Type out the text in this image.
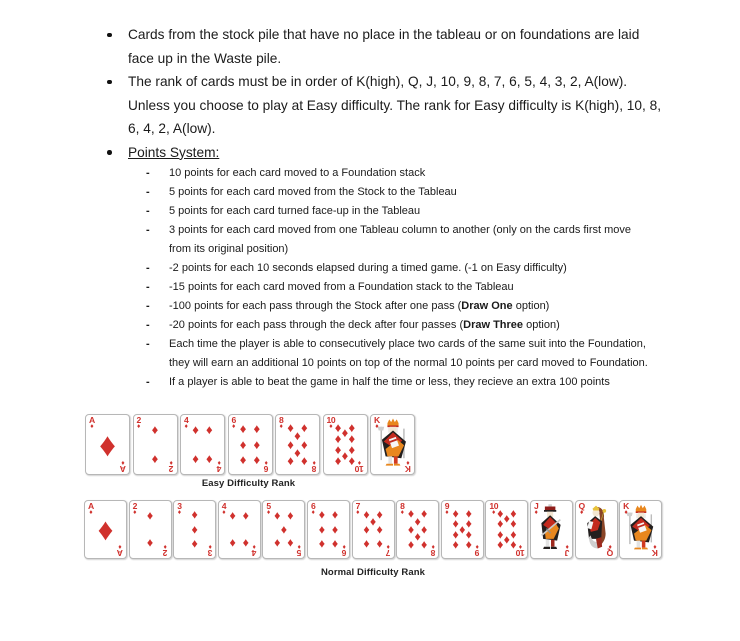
Cards from the stock pile that have no place in the tableau or on foundations are laid
face up in the Waste pile.
The rank of cards must be in order of K(high), Q, J, 10, 9, 8, 7, 6, 5, 4, 3, 2, A(low).
Unless you choose to play at Easy difficulty. The rank for Easy difficulty is K(high), 10, 8,
6, 4, 2, A(low).
Points System:
-	10 points for each card moved to a Foundation stack
-	5 points for each card moved from the Stock to the Tableau
-	5 points for each card turned face-up in the Tableau
-	3 points for each card moved from one Tableau column to another (only on the cards first move
from its original position)
-	-2 points for each 10 seconds elapsed during a timed game. (-1 on Easy difficulty)
-	-15 points for each card moved from a Foundation stack to the Tableau
-	-100 points for each pass through the Stock after one pass (Draw One option)
-	-20 points for each pass through the deck after four passes (Draw Three option)
-	Each time the player is able to consecutively place two cards of the same suit into the Foundation,
they will earn an additional 10 points on top of the normal 10 points per card moved to Foundation.
-	If a player is able to beat the game in half the time or less, they recieve an extra 100 points
A
♦
A
♦
♦
2
♦
2
♦
♦
♦
4
♦
4
♦
♦ ♦
♦ ♦
6
♦
6
♦
♦ ♦
♦ ♦
♦ ♦
8
♦
8
♦
♦ ♦
♦
♦ ♦
♦
♦ ♦
10
♦
10
♦
♦ ♦
♦
♦ ♦
♦ ♦
♦
♦ ♦
K
♦
K
♦
Easy Difficulty Rank
A
♦
A
♦
♦
2
♦
2
♦
♦
♦
3
♦
3
♦
♦
♦
♦
4
♦
4
♦
♦ ♦
♦ ♦
5
♦
5
♦
♦ ♦
♦
♦ ♦
6
♦
6
♦
♦ ♦
♦ ♦
♦ ♦
7
♦
7
♦
♦ ♦
♦
♦ ♦
♦ ♦
8
♦
8
♦
♦ ♦
♦
♦ ♦
♦
♦ ♦
9
♦
9
♦
♦ ♦
♦ ♦
♦
♦ ♦
♦ ♦
10
♦
10
♦
♦ ♦
♦
♦ ♦
♦ ♦
♦
♦ ♦
J
♦
J
♦
Q
♦
Q
♦
K
♦
K
♦
Normal Difficulty Rank
